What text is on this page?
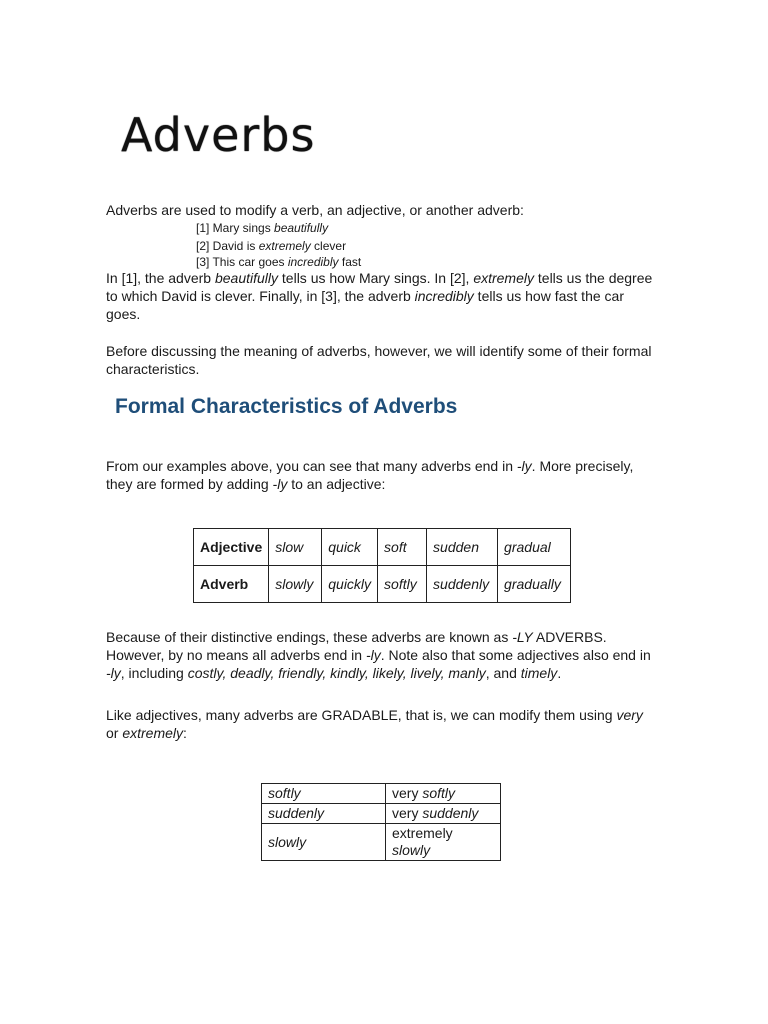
Adverbs

Adverbs are used to modify a verb, an adjective, or another adverb:

[1] Mary sings beautifully

[2] David is extremely clever

[3] This car goes incredibly fast

In [1], the adverb beautifully tells us how Mary sings. In [2], extremely tells us the degree to which David is clever. Finally, in [3], the adverb incredibly tells us how fast the car goes.

Before discussing the meaning of adverbs, however, we will identify some of their formal characteristics.

Formal Characteristics of Adverbs

From our examples above, you can see that many adverbs end in -ly. More precisely, they are formed by adding -ly to an adjective:

Adjective	slow	quick	soft	sudden	gradual
Adverb	slowly	quickly	softly	suddenly	gradually

Because of their distinctive endings, these adverbs are known as -LY ADVERBS. However, by no means all adverbs end in -ly. Note also that some adjectives also end in -ly, including costly, deadly, friendly, kindly, likely, lively, manly, and timely.

Like adjectives, many adverbs are GRADABLE, that is, we can modify them using very or extremely:

softly	very softly
suddenly	very suddenly
slowly	extremely slowly
